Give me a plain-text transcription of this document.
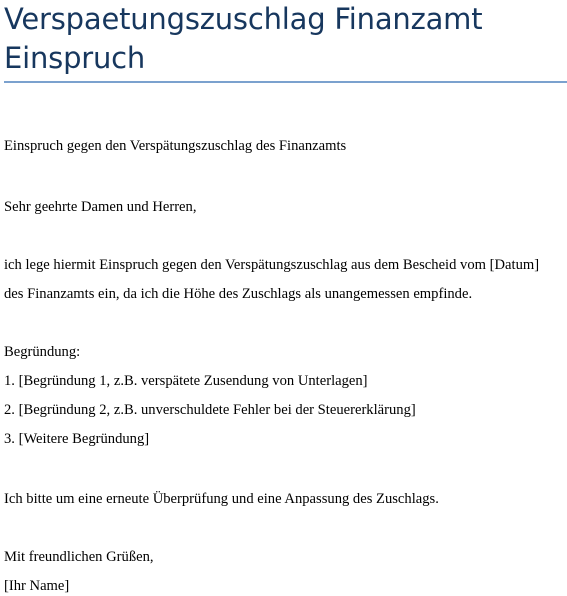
Verspaetungszuschlag Finanzamt
Einspruch
Einspruch gegen den Verspätungszuschlag des Finanzamts
Sehr geehrte Damen und Herren,
ich lege hiermit Einspruch gegen den Verspätungszuschlag aus dem Bescheid vom [Datum]
des Finanzamts ein, da ich die Höhe des Zuschlags als unangemessen empfinde.
Begründung:
1. [Begründung 1, z.B. verspätete Zusendung von Unterlagen]
2. [Begründung 2, z.B. unverschuldete Fehler bei der Steuererklärung]
3. [Weitere Begründung]
Ich bitte um eine erneute Überprüfung und eine Anpassung des Zuschlags.
Mit freundlichen Grüßen,
[Ihr Name]
